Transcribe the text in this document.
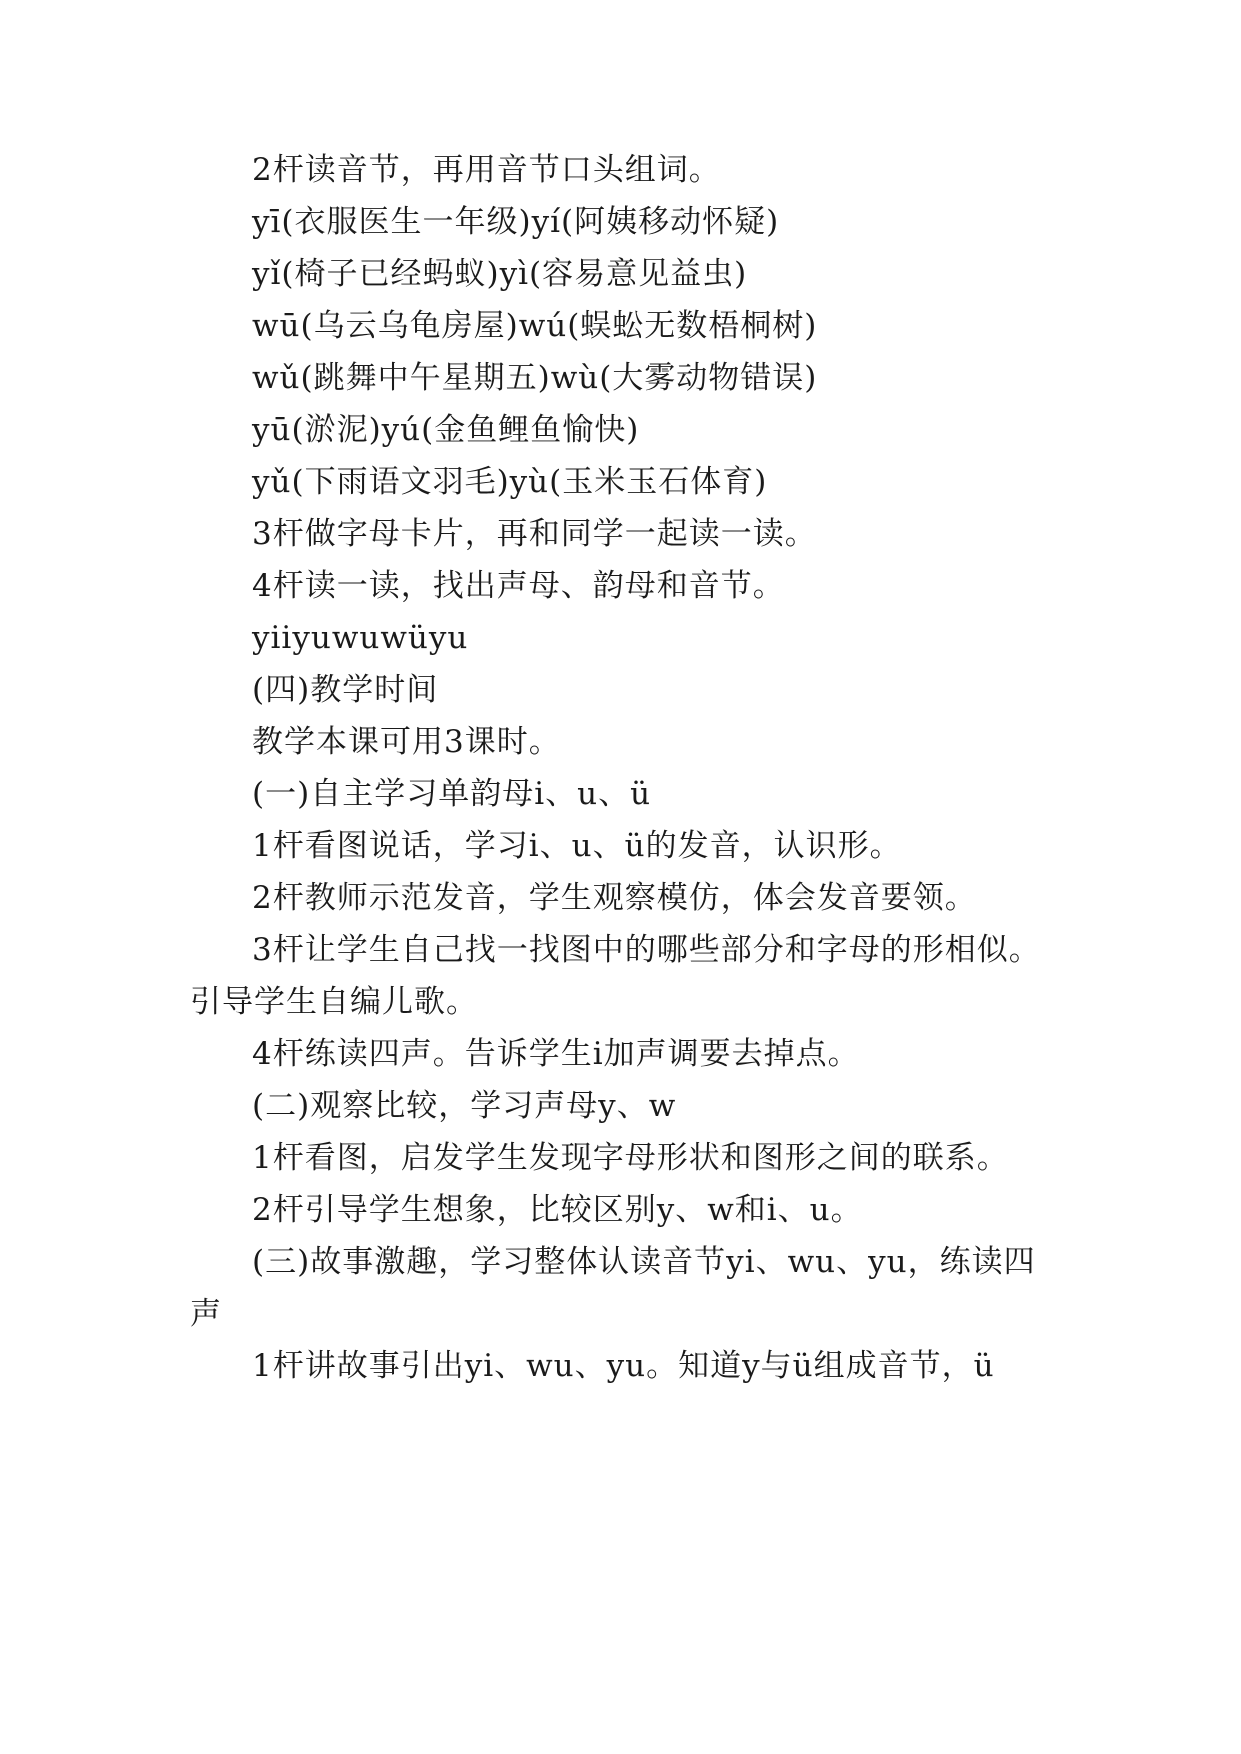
2杆读音节，再用音节口头组词。
yī(衣服医生一年级)yí(阿姨移动怀疑)
yǐ(椅子已经蚂蚁)yì(容易意见益虫)
wū(乌云乌龟房屋)wú(蜈蚣无数梧桐树)
wǔ(跳舞中午星期五)wù(大雾动物错误)
yū(淤泥)yú(金鱼鲤鱼愉快)
yǔ(下雨语文羽毛)yù(玉米玉石体育)
3杆做字母卡片，再和同学一起读一读。
4杆读一读，找出声母、韵母和音节。
yiiyuwuwüyu
(四)教学时间
教学本课可用3课时。
(一)自主学习单韵母i、u、ü
1杆看图说话，学习i、u、ü的发音，认识形。
2杆教师示范发音，学生观察模仿，体会发音要领。
3杆让学生自己找一找图中的哪些部分和字母的形相似。
引导学生自编儿歌。
4杆练读四声。告诉学生i加声调要去掉点。
(二)观察比较，学习声母y、w
1杆看图，启发学生发现字母形状和图形之间的联系。
2杆引导学生想象，比较区别y、w和i、u。
(三)故事激趣，学习整体认读音节yi、wu、yu，练读四
声
1杆讲故事引出yi、wu、yu。知道y与ü组成音节，ü
